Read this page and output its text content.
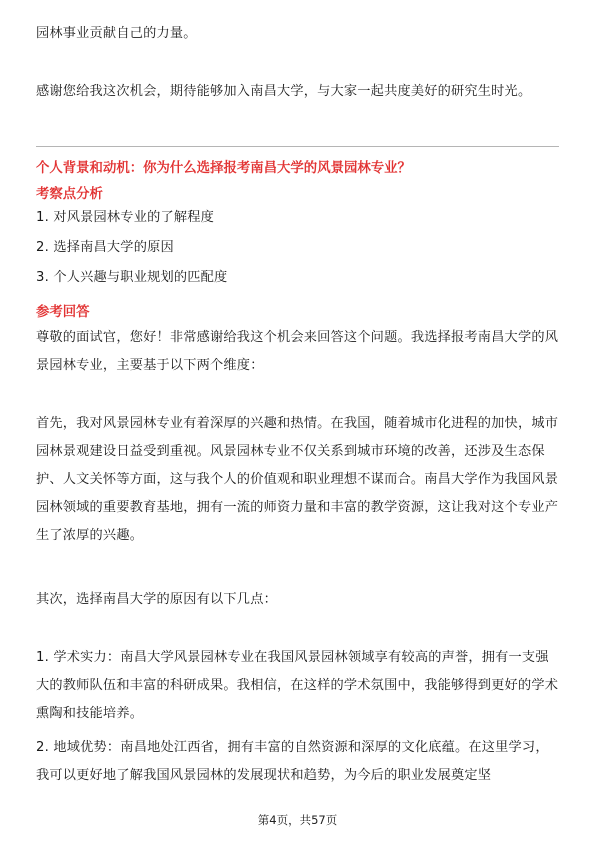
园林事业贡献自己的力量。

感谢您给我这次机会，期待能够加入南昌大学，与大家一起共度美好的研究生时光。

个人背景和动机：你为什么选择报考南昌大学的风景园林专业？

考察点分析

1. 对风景园林专业的了解程度

2. 选择南昌大学的原因

3. 个人兴趣与职业规划的匹配度

参考回答

尊敬的面试官，您好！非常感谢给我这个机会来回答这个问题。我选择报考南昌大学的风景园林专业，主要基于以下两个维度：

首先，我对风景园林专业有着深厚的兴趣和热情。在我国，随着城市化进程的加快，城市园林景观建设日益受到重视。风景园林专业不仅关系到城市环境的改善，还涉及生态保护、人文关怀等方面，这与我个人的价值观和职业理想不谋而合。南昌大学作为我国风景园林领域的重要教育基地，拥有一流的师资力量和丰富的教学资源，这让我对这个专业产生了浓厚的兴趣。

其次，选择南昌大学的原因有以下几点：

1. 学术实力：南昌大学风景园林专业在我国风景园林领域享有较高的声誉，拥有一支强大的教师队伍和丰富的科研成果。我相信，在这样的学术氛围中，我能够得到更好的学术熏陶和技能培养。

2. 地域优势：南昌地处江西省，拥有丰富的自然资源和深厚的文化底蕴。在这里学习，我可以更好地了解我国风景园林的发展现状和趋势，为今后的职业发展奠定坚

第4页，共57页
